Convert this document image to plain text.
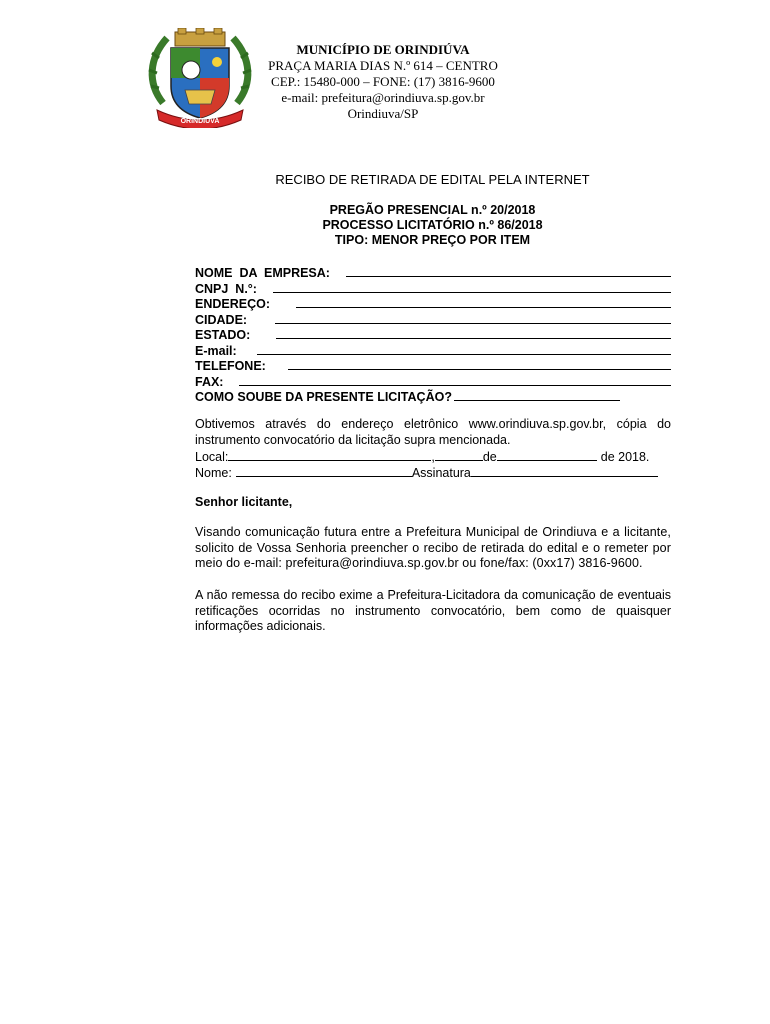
ORINDIÚVA
MUNICÍPIO DE ORINDIÚVA
PRAÇA MARIA DIAS N.º 614 – CENTRO
CEP.: 15480-000 – FONE: (17) 3816-9600
e-mail: prefeitura@orindiuva.sp.gov.br
Orindiuva/SP
RECIBO DE RETIRADA DE EDITAL PELA INTERNET
PREGÃO PRESENCIAL n.º 20/2018
PROCESSO LICITATÓRIO n.º 86/2018
TIPO: MENOR PREÇO POR ITEM
NOME  DA  EMPRESA:
CNPJ  N.°:
ENDEREÇO:
CIDADE:
ESTADO:
E-mail:
TELEFONE:
FAX:
COMO SOUBE DA PRESENTE LICITAÇÃO?
Obtivemos através do endereço eletrônico www.orindiuva.sp.gov.br, cópia do instrumento convocatório da licitação supra mencionada.
Local:	,	de	de 2018.
Nome:	Assinatura
Senhor licitante,
Visando comunicação futura entre a Prefeitura Municipal de Orindiuva e a licitante, solicito de Vossa Senhoria preencher o recibo de retirada do edital e o remeter por meio do e-mail: prefeitura@orindiuva.sp.gov.br ou fone/fax: (0xx17) 3816-9600.
A não remessa do recibo exime a Prefeitura-Licitadora da comunicação de eventuais retificações ocorridas no instrumento convocatório, bem como de quaisquer informações adicionais.
